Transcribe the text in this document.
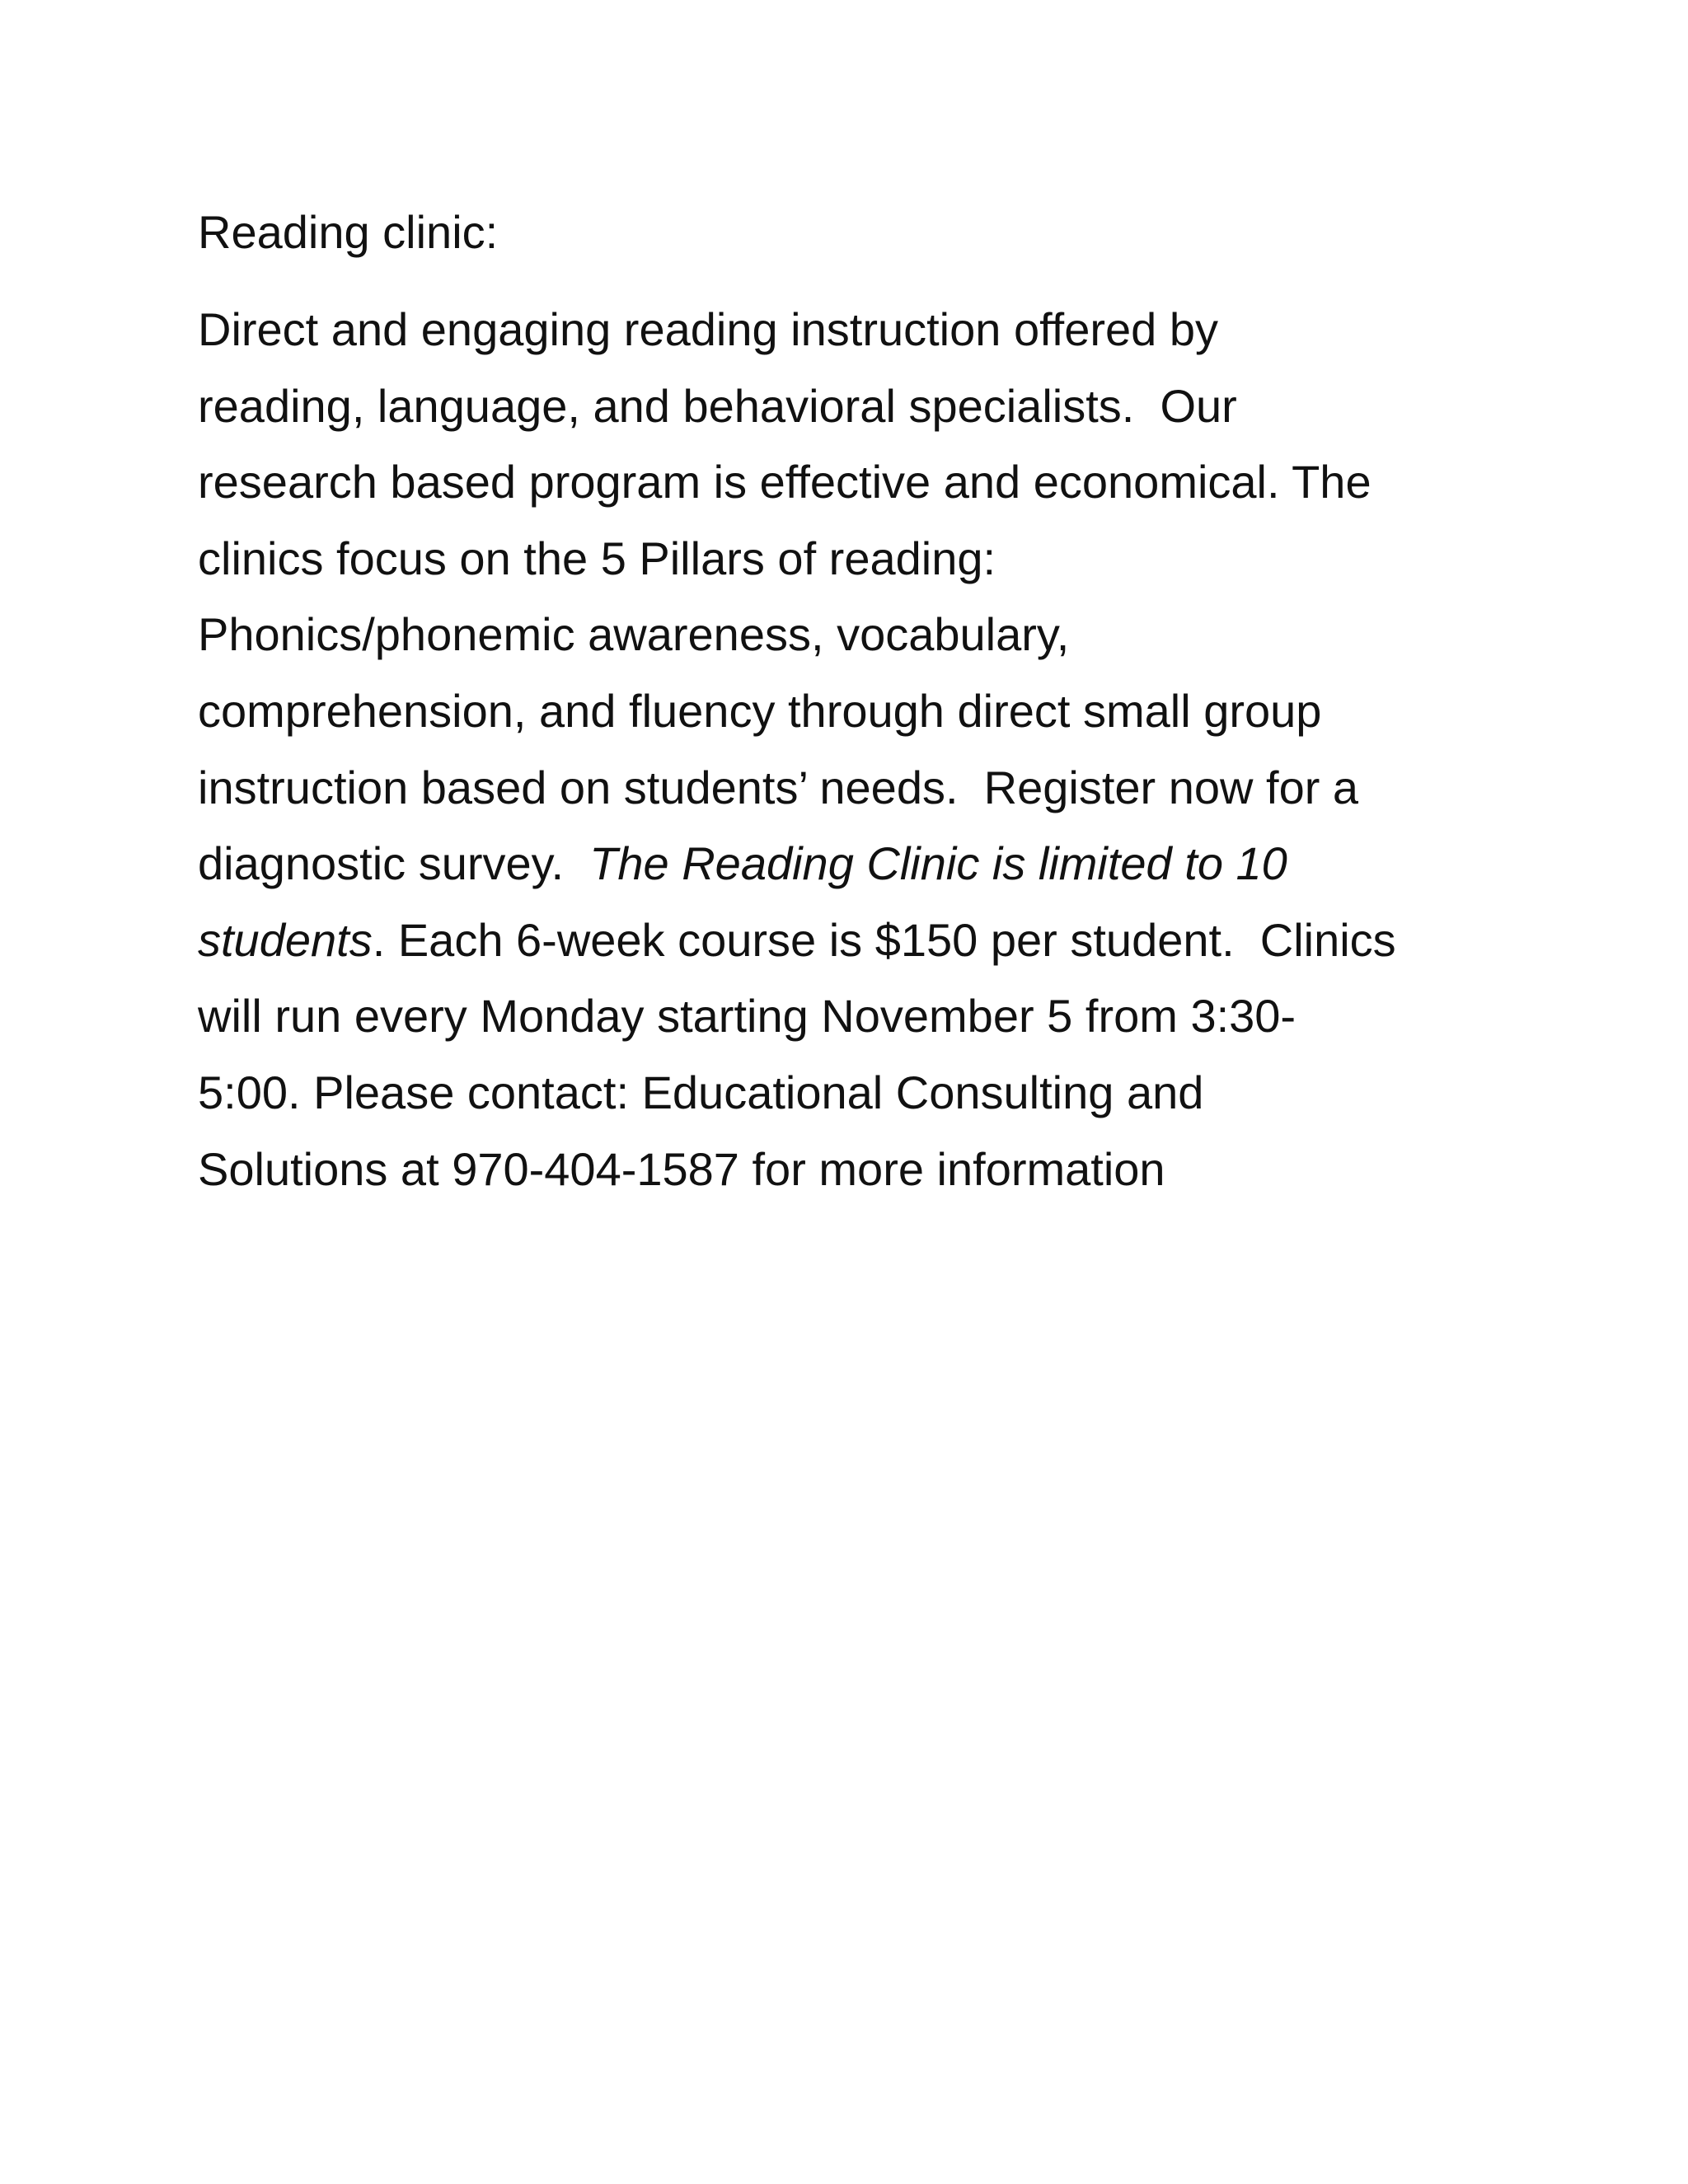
Reading clinic:

Direct and engaging reading instruction offered by
reading, language, and behavioral specialists.  Our
research based program is effective and economical. The
clinics focus on the 5 Pillars of reading:
Phonics/phonemic awareness, vocabulary,
comprehension, and fluency through direct small group
instruction based on students’ needs.  Register now for a
diagnostic survey.  The Reading Clinic is limited to 10
students. Each 6-week course is $150 per student.  Clinics
will run every Monday starting November 5 from 3:30-
5:00. Please contact: Educational Consulting and
Solutions at 970-404-1587 for more information
